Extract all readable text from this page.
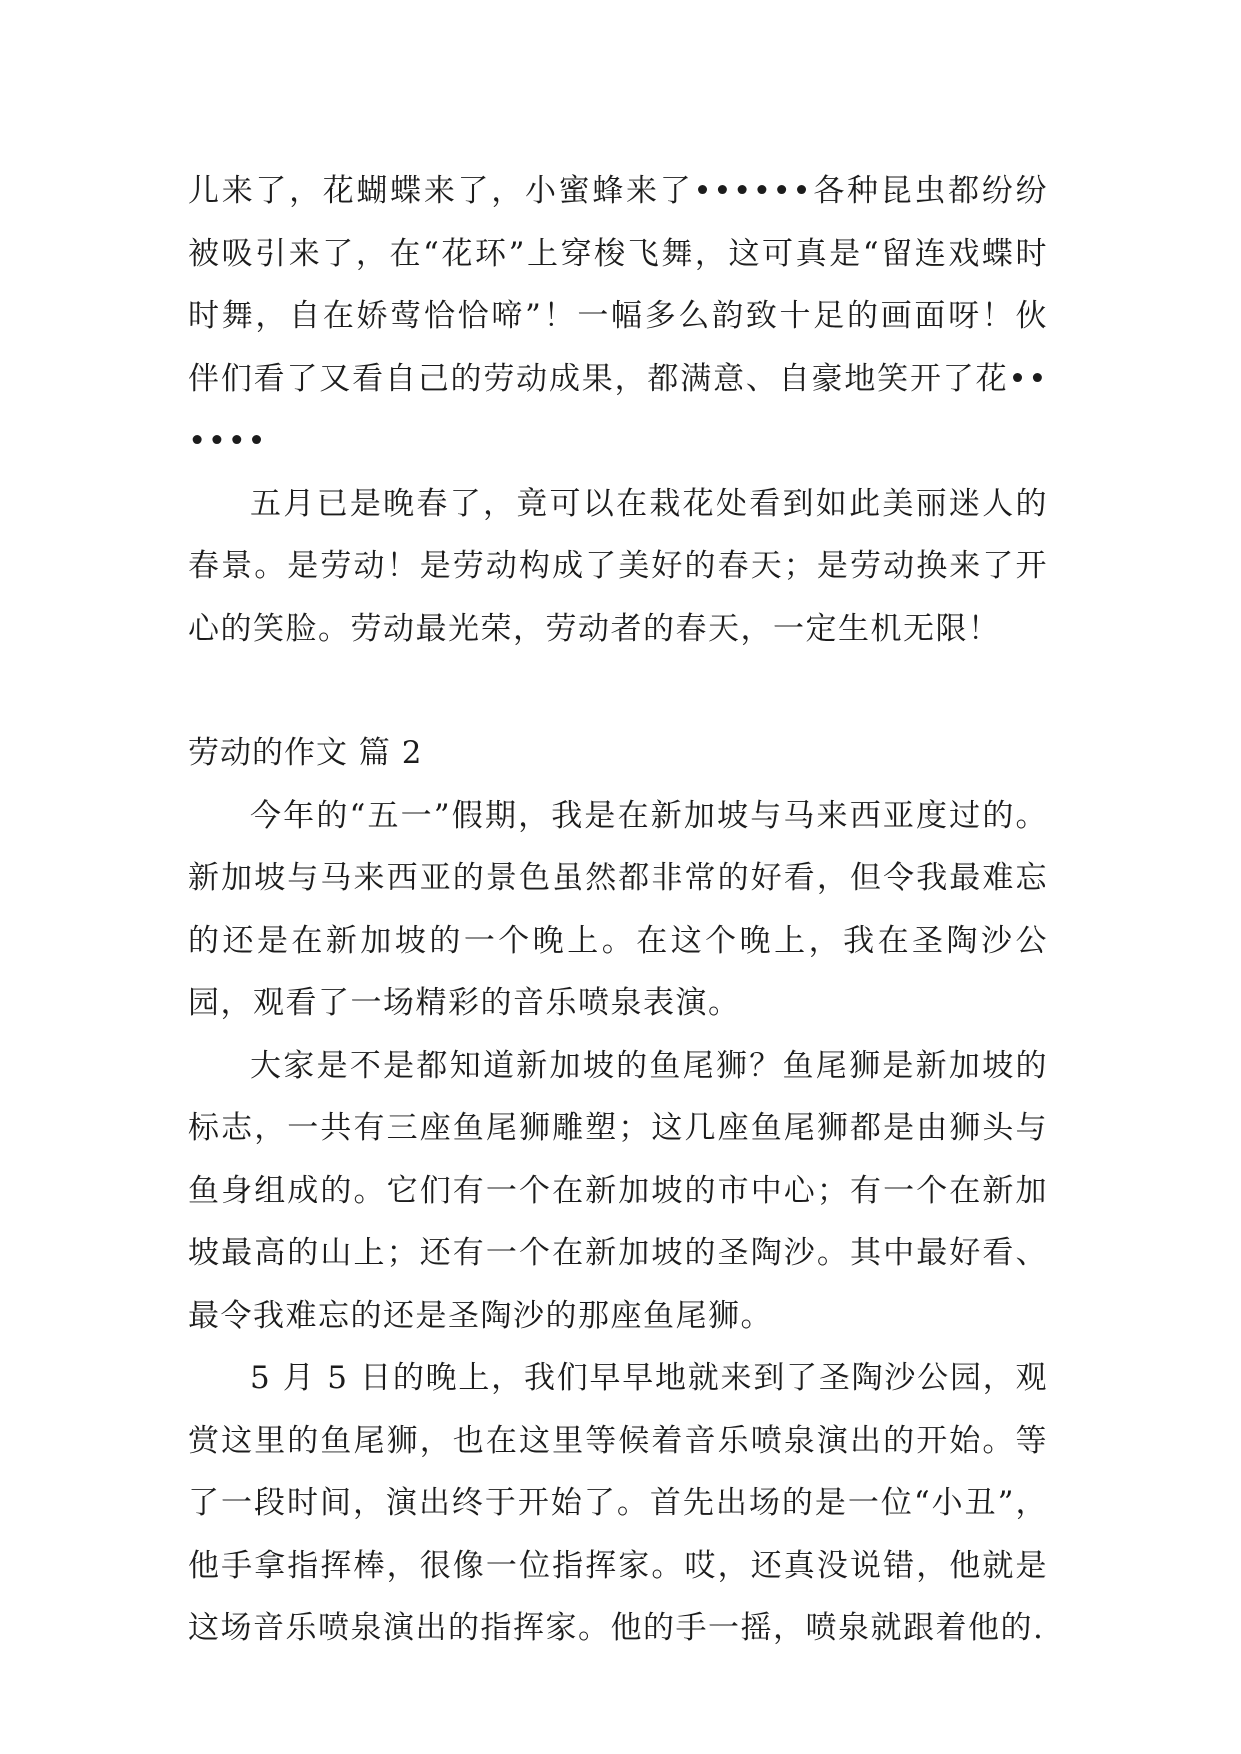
儿来了，花蝴蝶来了，小蜜蜂来了••••••各种昆虫都纷纷被吸引来了，在“花环”上穿梭飞舞，这可真是“留连戏蝶时时舞，自在娇莺恰恰啼”！一幅多么韵致十足的画面呀！伙伴们看了又看自己的劳动成果，都满意、自豪地笑开了花••••••

五月已是晚春了，竟可以在栽花处看到如此美丽迷人的春景。是劳动！是劳动构成了美好的春天；是劳动换来了开心的笑脸。劳动最光荣，劳动者的春天，一定生机无限！

劳动的作文 篇 2

今年的“五一”假期，我是在新加坡与马来西亚度过的。新加坡与马来西亚的景色虽然都非常的好看，但令我最难忘的还是在新加坡的一个晚上。在这个晚上，我在圣陶沙公园，观看了一场精彩的音乐喷泉表演。

大家是不是都知道新加坡的鱼尾狮？鱼尾狮是新加坡的标志，一共有三座鱼尾狮雕塑；这几座鱼尾狮都是由狮头与鱼身组成的。它们有一个在新加坡的市中心；有一个在新加坡最高的山上；还有一个在新加坡的圣陶沙。其中最好看、最令我难忘的还是圣陶沙的那座鱼尾狮。

5 月 5 日的晚上，我们早早地就来到了圣陶沙公园，观赏这里的鱼尾狮，也在这里等候着音乐喷泉演出的开始。等了一段时间，演出终于开始了。首先出场的是一位“小丑”，他手拿指挥棒，很像一位指挥家。哎，还真没说错，他就是这场音乐喷泉演出的指挥家。他的手一摇，喷泉就跟着他的.
